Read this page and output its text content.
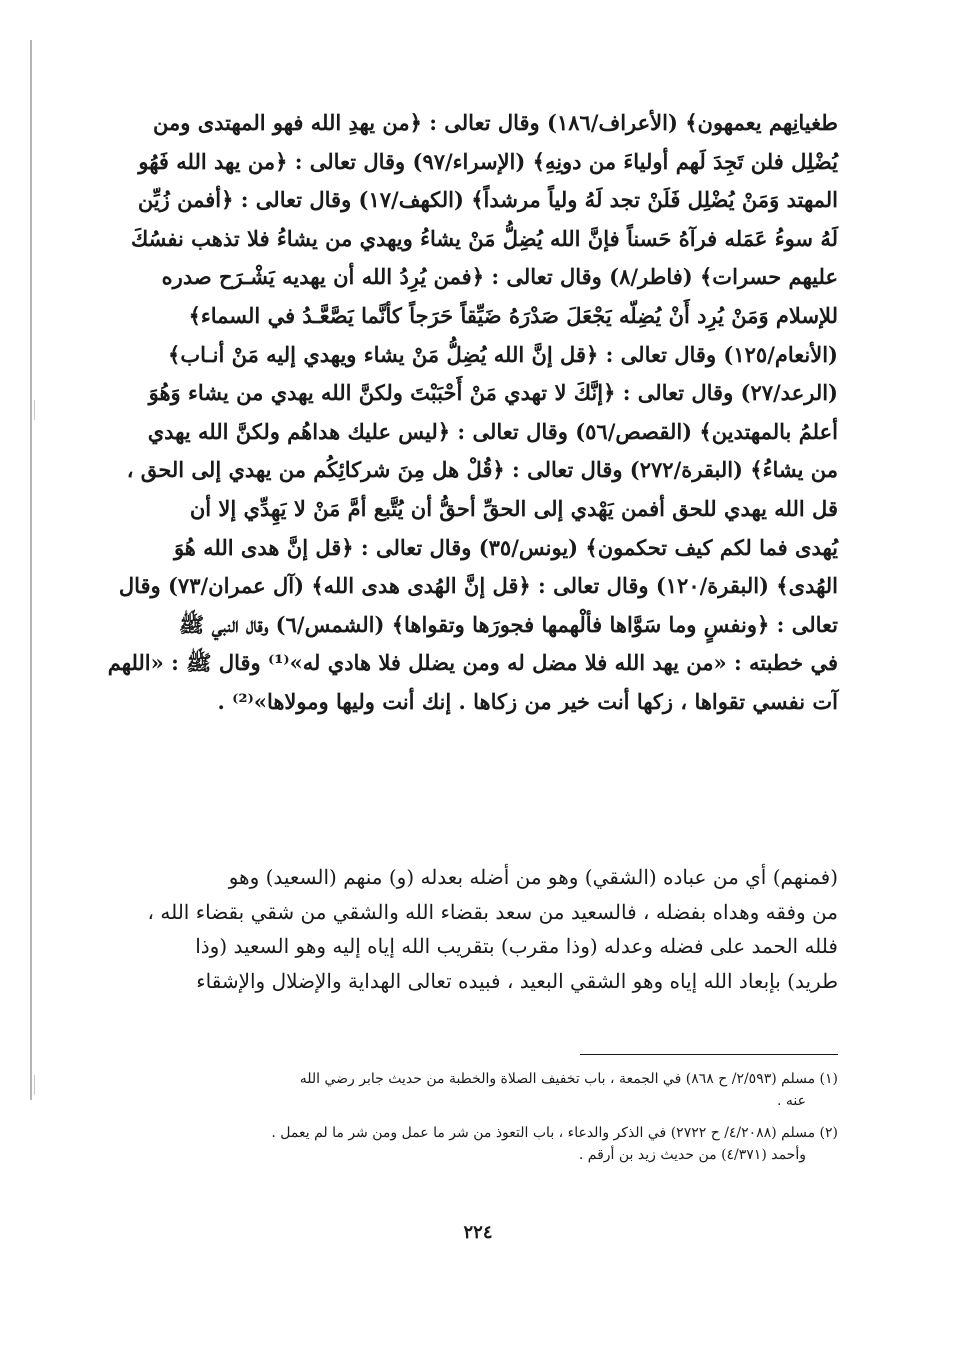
طغيانِهم يعمهون﴾ (الأعراف/١٨٦) وقال تعالى : ﴿من يهدِ الله فهو المهتدى ومن
يُضْلِل فلن تَجِدَ لَهم أولياءَ من دونِهِ﴾ (الإسراء/٩٧) وقال تعالى : ﴿من يهد الله فَهُو
المهتد وَمَنْ يُضْلِل فَلَنْ تجد لَهُ ولياً مرشداً﴾ (الكهف/١٧) وقال تعالى : ﴿أفمن زُيِّن
لَهُ سوءُ عَمَله فرآهُ حَسناً فإنَّ الله يُضِلُّ مَنْ يشاءُ ويهدي من يشاءُ فلا تذهب نفسُكَ
عليهم حسرات﴾ (فاطر/٨) وقال تعالى : ﴿فمن يُرِدُ الله أن يهديه يَشْـرَح صدره
للإسلام وَمَنْ يُرِد أَنْ يُضِلّه يَجْعَلَ صَدْرَهُ ضَيِّقاً حَرَجاً كأنَّما يَصَّعَّـدُ في السماء﴾
(الأنعام/١٢٥) وقال تعالى : ﴿قل إنَّ الله يُضِلُّ مَنْ يشاء ويهدي إليه مَنْ أنـاب﴾
(الرعد/٢٧) وقال تعالى : ﴿إنَّكَ لا تهدي مَنْ أَحْبَبْتَ ولكنَّ الله يهدي من يشاء وَهُوَ
أعلمُ بالمهتدين﴾ (القصص/٥٦) وقال تعالى : ﴿ليس عليك هداهُم ولكنَّ الله يهدي
من يشاءُ﴾ (البقرة/٢٧٢) وقال تعالى : ﴿قُلْ هل مِنَ شركائِكُم من يهدي إلى الحق ،
قل الله يهدي للحق أفمن يَهْدي إلى الحقِّ أحقُّ أن يُتَّبع أمَّ مَنْ لا يَهِدِّي إلا أن
يُهدى فما لكم كيف تحكمون﴾ (يونس/٣٥) وقال تعالى : ﴿قل إنَّ هدى الله هُوَ
الهُدى﴾ (البقرة/١٢٠) وقال تعالى : ﴿قل إنَّ الهُدى هدى الله﴾ (آل عمران/٧٣) وقال
تعالى : ﴿ونفسٍ وما سَوَّاها فألْهمها فجورَها وتقواها﴾ (الشمس/٦) وقال النبي ﷺ
في خطبته : «من يهد الله فلا مضل له ومن يضلل فلا هادي له»⁽¹⁾ وقال ﷺ : «اللهم
آت نفسي تقواها ، زكها أنت خير من زكاها . إنك أنت وليها ومولاها»⁽²⁾ .
(فمنهم) أي من عباده (الشقي) وهو من أضله بعدله (و) منهم (السعيد) وهو
من وفقه وهداه بفضله ، فالسعيد من سعد بقضاء الله والشقي من شقي بقضاء الله ،
فلله الحمد على فضله وعدله (وذا مقرب) بتقريب الله إياه إليه وهو السعيد (وذا
طريد) بإبعاد الله إياه وهو الشقي البعيد ، فبيده تعالى الهداية والإضلال والإشقاء
(١) مسلم (٢/٥٩٣/ ح ٨٦٨) في الجمعة ، باب تخفيف الصلاة والخطبة من حديث جابر رضي الله
عنه .
(٢) مسلم (٤/٢٠٨٨/ ح ٢٧٢٢) في الذكر والدعاء ، باب التعوذ من شر ما عمل ومن شر ما لم يعمل .
وأحمد (٤/٣٧١) من حديث زيد بن أرقم .
٢٢٤
